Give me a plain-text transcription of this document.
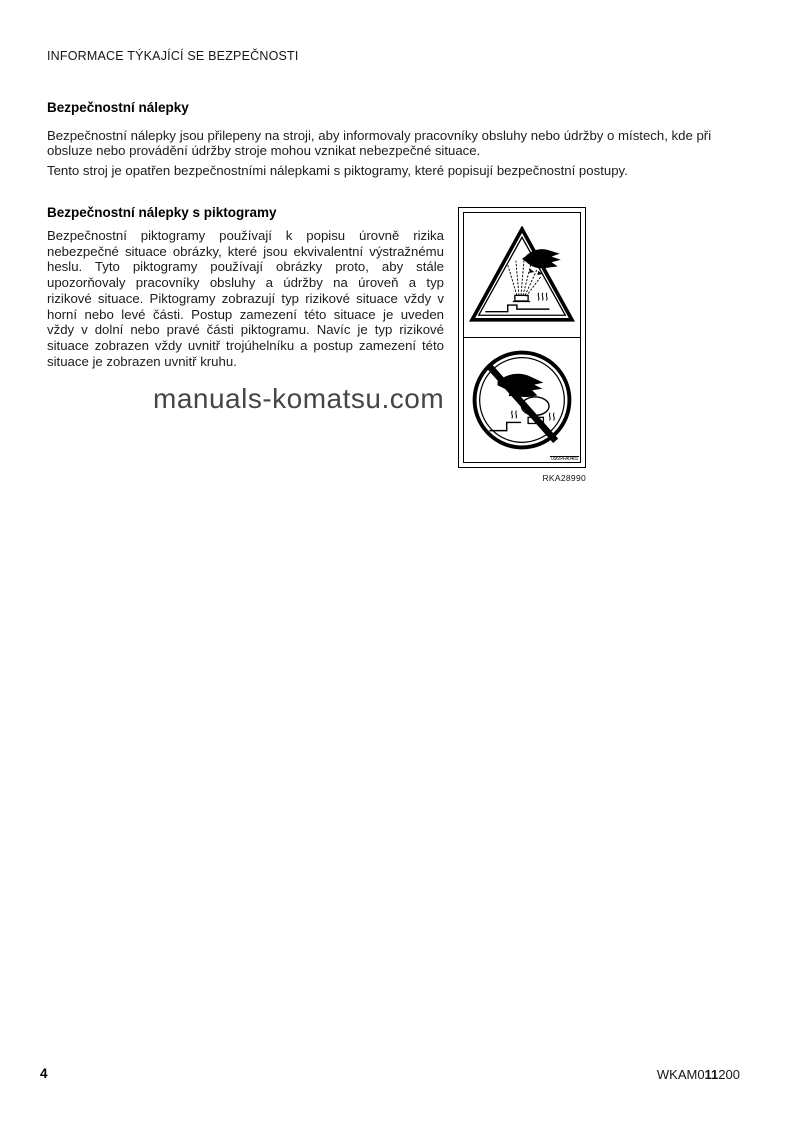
INFORMACE TÝKAJÍCÍ SE BEZPEČNOSTI
Bezpečnostní nálepky
Bezpečnostní nálepky jsou přilepeny na stroji, aby informovaly pracovníky obsluhy nebo údržby o místech, kde při
obsluze nebo provádění údržby stroje mohou vznikat nebezpečné situace.
Tento stroj je opatřen bezpečnostními nálepkami s piktogramy, které popisují bezpečnostní postupy.
Bezpečnostní nálepky s piktogramy
Bezpečnostní piktogramy používají k popisu úrovně rizika
nebezpečné situace obrázky, které jsou ekvivalentní výstražnému
heslu. Tyto piktogramy používají obrázky proto, aby stále
upozorňovaly pracovníky obsluhy a údržby na úroveň a typ
rizikové situace. Piktogramy zobrazují typ rizikové situace vždy v
horní nebo levé části. Postup zamezení této situace je uveden
vždy v dolní nebo pravé části piktogramu. Navíc je typ rizikové
situace zobrazen vždy uvnitř trojúhelníku a postup zamezení této
situace je zobrazen uvnitř kruhu.
manuals-komatsu.com
09654-A0481
RKA28990
4	WKAM011200
